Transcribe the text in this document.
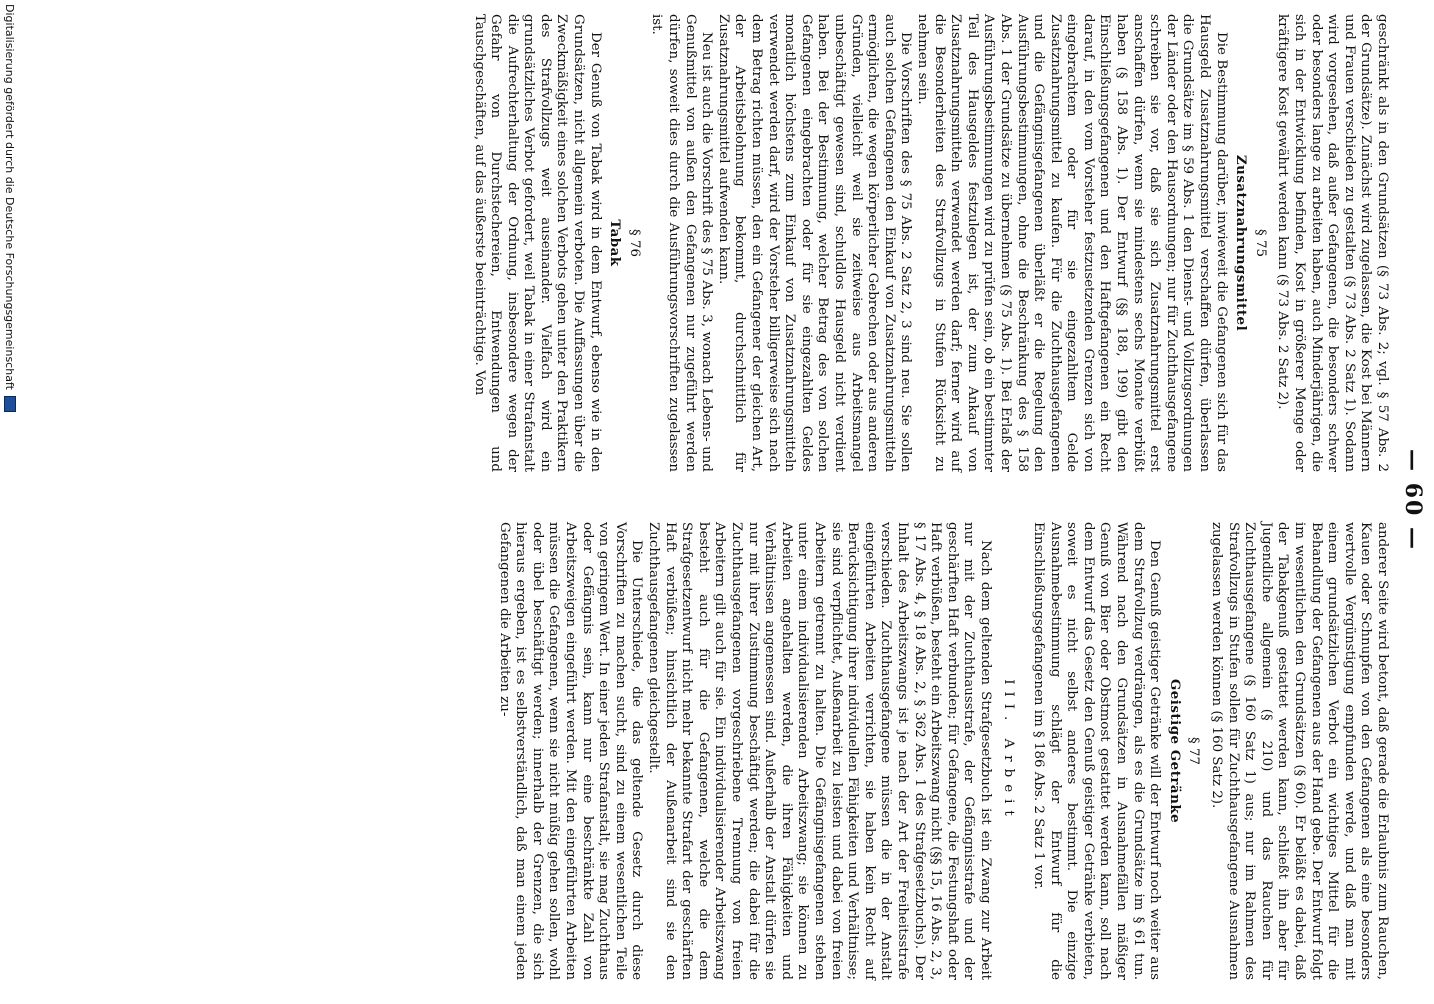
— 60 —

geschränkt als in den Grundsätzen (§ 73 Abs. 2; vgl. § 57 Abs. 2 der Grundsätze). Zunächst wird zugelassen, die Kost bei Männern und Frauen verschieden zu gestalten (§ 73 Abs. 2 Satz 1). Sodann wird vorgesehen, daß außer Gefangenen, die besonders schwer oder besonders lange zu arbeiten haben, auch Minderjährigen, die sich in der Entwicklung befinden, Kost in größerer Menge oder kräftigere Kost gewährt werden kann (§ 73 Abs. 2 Satz 2).

§ 75
Zusatznahrungsmittel

Die Bestimmung darüber, inwieweit die Gefangenen sich für das Hausgeld Zusatznahrungsmittel verschaffen dürfen, überlassen die Grundsätze im § 59 Abs. 1 den Dienst- und Vollzugsordnungen der Länder oder den Hausordnungen; nur für Zuchthausgefangene schreiben sie vor, daß sie sich Zusatznahrungsmittel erst anschaffen dürfen, wenn sie mindestens sechs Monate verbüßt haben (§ 158 Abs. 1). Der Entwurf (§§ 188, 199) gibt den Einschließungsgefangenen und den Haftgefangenen ein Recht darauf, in den vom Vorsteher festzusetzenden Grenzen sich von eingebrachtem oder für sie eingezahltem Gelde Zusatznahrungsmittel zu kaufen. Für die Zuchthausgefangenen und die Gefängnisgefangenen überläßt er die Regelung den Ausführungsbestimmungen, ohne die Beschränkung des § 158 Abs. 1 der Grundsätze zu übernehmen (§ 75 Abs. 1). Bei Erlaß der Ausführungsbestimmungen wird zu prüfen sein, ob ein bestimmter Teil des Hausgeldes festzulegen ist, der zum Ankauf von Zusatznahrungsmitteln verwendet werden darf; ferner wird auf die Besonderheiten des Strafvollzugs in Stufen Rücksicht zu nehmen sein.

Die Vorschriften des § 75 Abs. 2 Satz 2, 3 sind neu. Sie sollen auch solchen Gefangenen den Einkauf von Zusatznahrungsmitteln ermöglichen, die wegen körperlicher Gebrechen oder aus anderen Gründen, vielleicht weil sie zeitweise aus Arbeitsmangel unbeschäftigt gewesen sind, schuldlos Hausgeld nicht verdient haben. Bei der Bestimmung, welcher Betrag des von solchen Gefangenen eingebrachten oder für sie eingezahlten Geldes monatlich höchstens zum Einkauf von Zusatznahrungsmitteln verwendet werden darf, wird der Vorsteher billigerweise sich nach dem Betrag richten müssen, den ein Gefangener der gleichen Art, der Arbeitsbelohnung bekommt, durchschnittlich für Zusatznahrungsmittel aufwenden kann.

Neu ist auch die Vorschrift des § 75 Abs. 3, wonach Lebens- und Genußmittel von außen den Gefangenen nur zugeführt werden dürfen, soweit dies durch die Ausführungsvorschriften zugelassen ist.

§ 76
Tabak

Der Genuß von Tabak wird in dem Entwurf, ebenso wie in den Grundsätzen, nicht allgemein verboten. Die Auffassungen über die Zweckmäßigkeit eines solchen Verbots gehen unter den Praktikern des Strafvollzugs weit auseinander. Vielfach wird ein grundsätzliches Verbot gefordert, weil Tabak in einer Strafanstalt die Aufrechterhaltung der Ordnung, insbesondere wegen der Gefahr von Durchstechereien, Entwendungen und Tauschgeschäften, auf das äußerste beeinträchtige. Von

anderer Seite wird betont, daß gerade die Erlaubnis zum Rauchen, Kauen oder Schnupfen von den Gefangenen als eine besonders wertvolle Vergünstigung empfunden werde, und daß man mit einem grundsätzlichen Verbot ein wichtiges Mittel für die Behandlung der Gefangenen aus der Hand gebe. Der Entwurf folgt im wesentlichen den Grundsätzen (§ 60). Er beläßt es dabei, daß der Tabakgenuß gestattet werden kann, schließt ihn aber für Jugendliche allgemein (§ 210) und das Rauchen für Zuchthausgefangene (§ 160 Satz 1) aus; nur im Rahmen des Strafvollzugs in Stufen sollen für Zuchthausgefangene Ausnahmen zugelassen werden können (§ 160 Satz 2).

§ 77
Geistige Getränke

Den Genuß geistiger Getränke will der Entwurf noch weiter aus dem Strafvollzug verdrängen, als es die Grundsätze im § 61 tun. Während nach den Grundsätzen in Ausnahmefällen mäßiger Genuß von Bier oder Obstmost gestattet werden kann, soll nach dem Entwurf das Gesetz den Genuß geistiger Getränke verbieten, soweit es nicht selbst anderes bestimmt. Die einzige Ausnahmebestimmung schlägt der Entwurf für die Einschließungsgefangenen im § 186 Abs. 2 Satz 1 vor.

III. Arbeit

Nach dem geltenden Strafgesetzbuch ist ein Zwang zur Arbeit nur mit der Zuchthausstrafe, der Gefängnisstrafe und der geschärften Haft verbunden; für Gefangene, die Festungshaft oder Haft verbüßen, besteht ein Arbeitszwang nicht (§§ 15, 16 Abs. 2, 3, § 17 Abs. 4, § 18 Abs. 2, § 362 Abs. 1 des Strafgesetzbuchs). Der Inhalt des Arbeitszwangs ist je nach der Art der Freiheitsstrafe verschieden. Zuchthausgefangene müssen die in der Anstalt eingeführten Arbeiten verrichten, sie haben kein Recht auf Berücksichtigung ihrer individuellen Fähigkeiten und Verhältnisse; sie sind verpflichtet, Außenarbeit zu leisten und dabei von freien Arbeitern getrennt zu halten. Die Gefängnisgefangenen stehen unter einem individualisierenden Arbeitszwang; sie können zu Arbeiten angehalten werden, die ihren Fähigkeiten und Verhältnissen angemessen sind. Außerhalb der Anstalt dürfen sie nur mit ihrer Zustimmung beschäftigt werden; die dabei für die Zuchthausgefangenen vorgeschriebene Trennung von freien Arbeitern gilt auch für sie. Ein individualisierender Arbeitszwang besteht auch für die Gefangenen, welche die dem Strafgesetzentwurf nicht mehr bekannte Strafart der geschärften Haft verbüßen; hinsichtlich der Außenarbeit sind sie den Zuchthausgefangenen gleichgestellt.

Die Unterschiede, die das geltende Gesetz durch diese Vorschriften zu machen sucht, sind zu einem wesentlichen Teile von geringem Wert. In einer jeden Strafanstalt, sie mag Zuchthaus oder Gefängnis sein, kann nur eine beschränkte Zahl von Arbeitszweigen eingeführt werden. Mit den eingeführten Arbeiten müssen die Gefangenen, wenn sie nicht müßig gehen sollen, wohl oder übel beschäftigt werden; innerhalb der Grenzen, die sich hieraus ergeben, ist es selbstverständlich, daß man einem jeden Gefangenen die Arbeiten zu-

Digitalisierung gefördert durch die Deutsche Forschungsgemeinschaft
